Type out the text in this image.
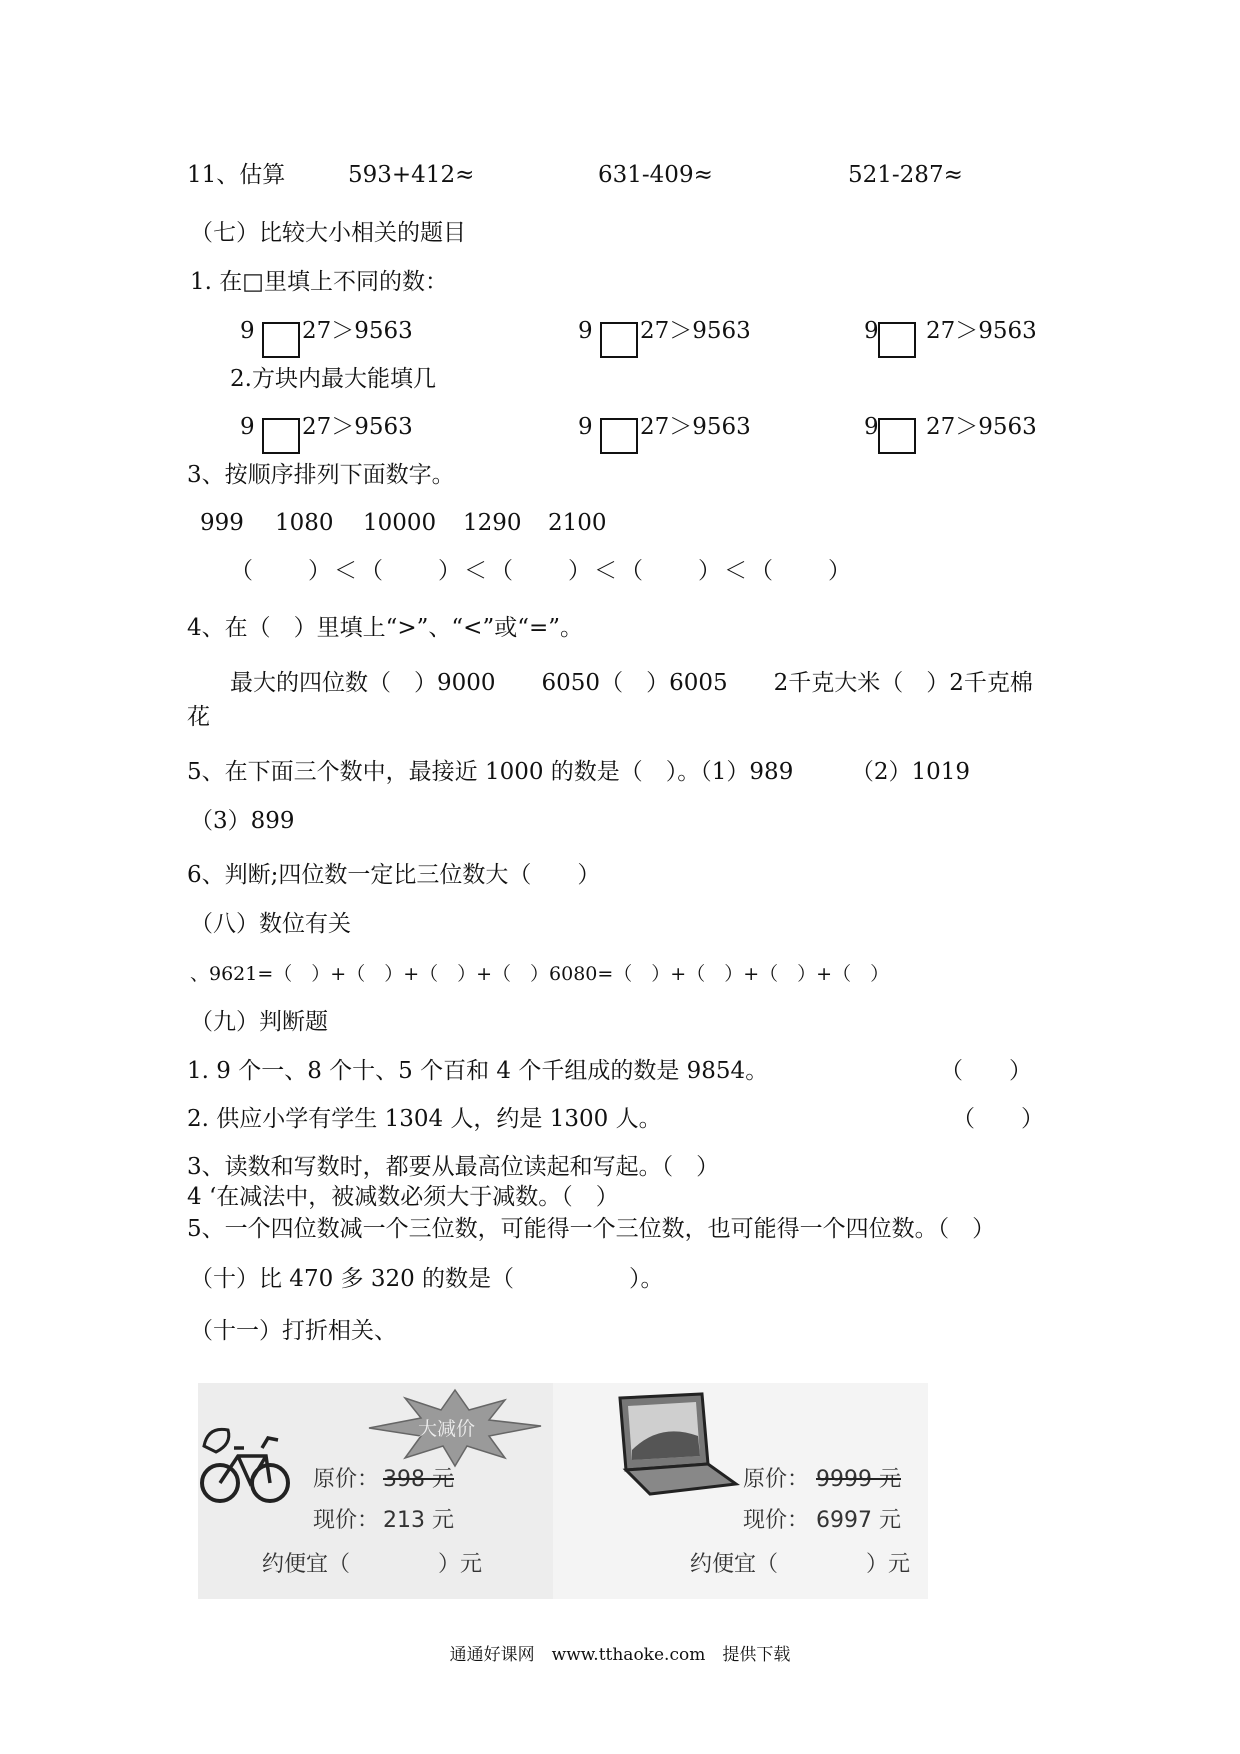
11、估算	593+412≈	631-409≈	521-287≈
（七）比较大小相关的题目
1. 在□里填上不同的数：
9 27＞9563	9 27＞9563	9 27＞9563
2.方块内最大能填几
9 27＞9563	9 27＞9563	9 27＞9563
3、按顺序排列下面数字。
999 1080 10000 1290 2100
（　　）＜（　　）＜（　　）＜（　　）＜（　　）
4、在（　）里填上“>”、“<”或“=”。
最大的四位数（　）9000　　6050（　）6005　　2千克大米（　）2千克棉
花
5、在下面三个数中，最接近 1000 的数是（　）。（1）989　　　（2）1019
（3）899
6、判断;四位数一定比三位数大（　　）
（八）数位有关
、9621=（　）+（　）+（　）+（　）6080=（　）+（　）+（　）+（　）
（九）判断题
1. 9 个一、8 个十、5 个百和 4 个千组成的数是 9854。	（　　）
2. 供应小学有学生 1304 人，约是 1300 人。	（　　）
3、读数和写数时，都要从最高位读起和写起。（　）
4 ‘在减法中，被减数必须大于减数。（　）
5、一个四位数减一个三位数，可能得一个三位数，也可能得一个四位数。（　）
（十）比 470 多 320 的数是（　　　　　）。
（十一）打折相关、
大减价
原价： 398 元
现价： 213 元
约便宜（　　　　）元
原价： 9999 元
现价： 6997 元
约便宜（　　　　）元
通通好课网　www.tthaoke.com　提供下载
